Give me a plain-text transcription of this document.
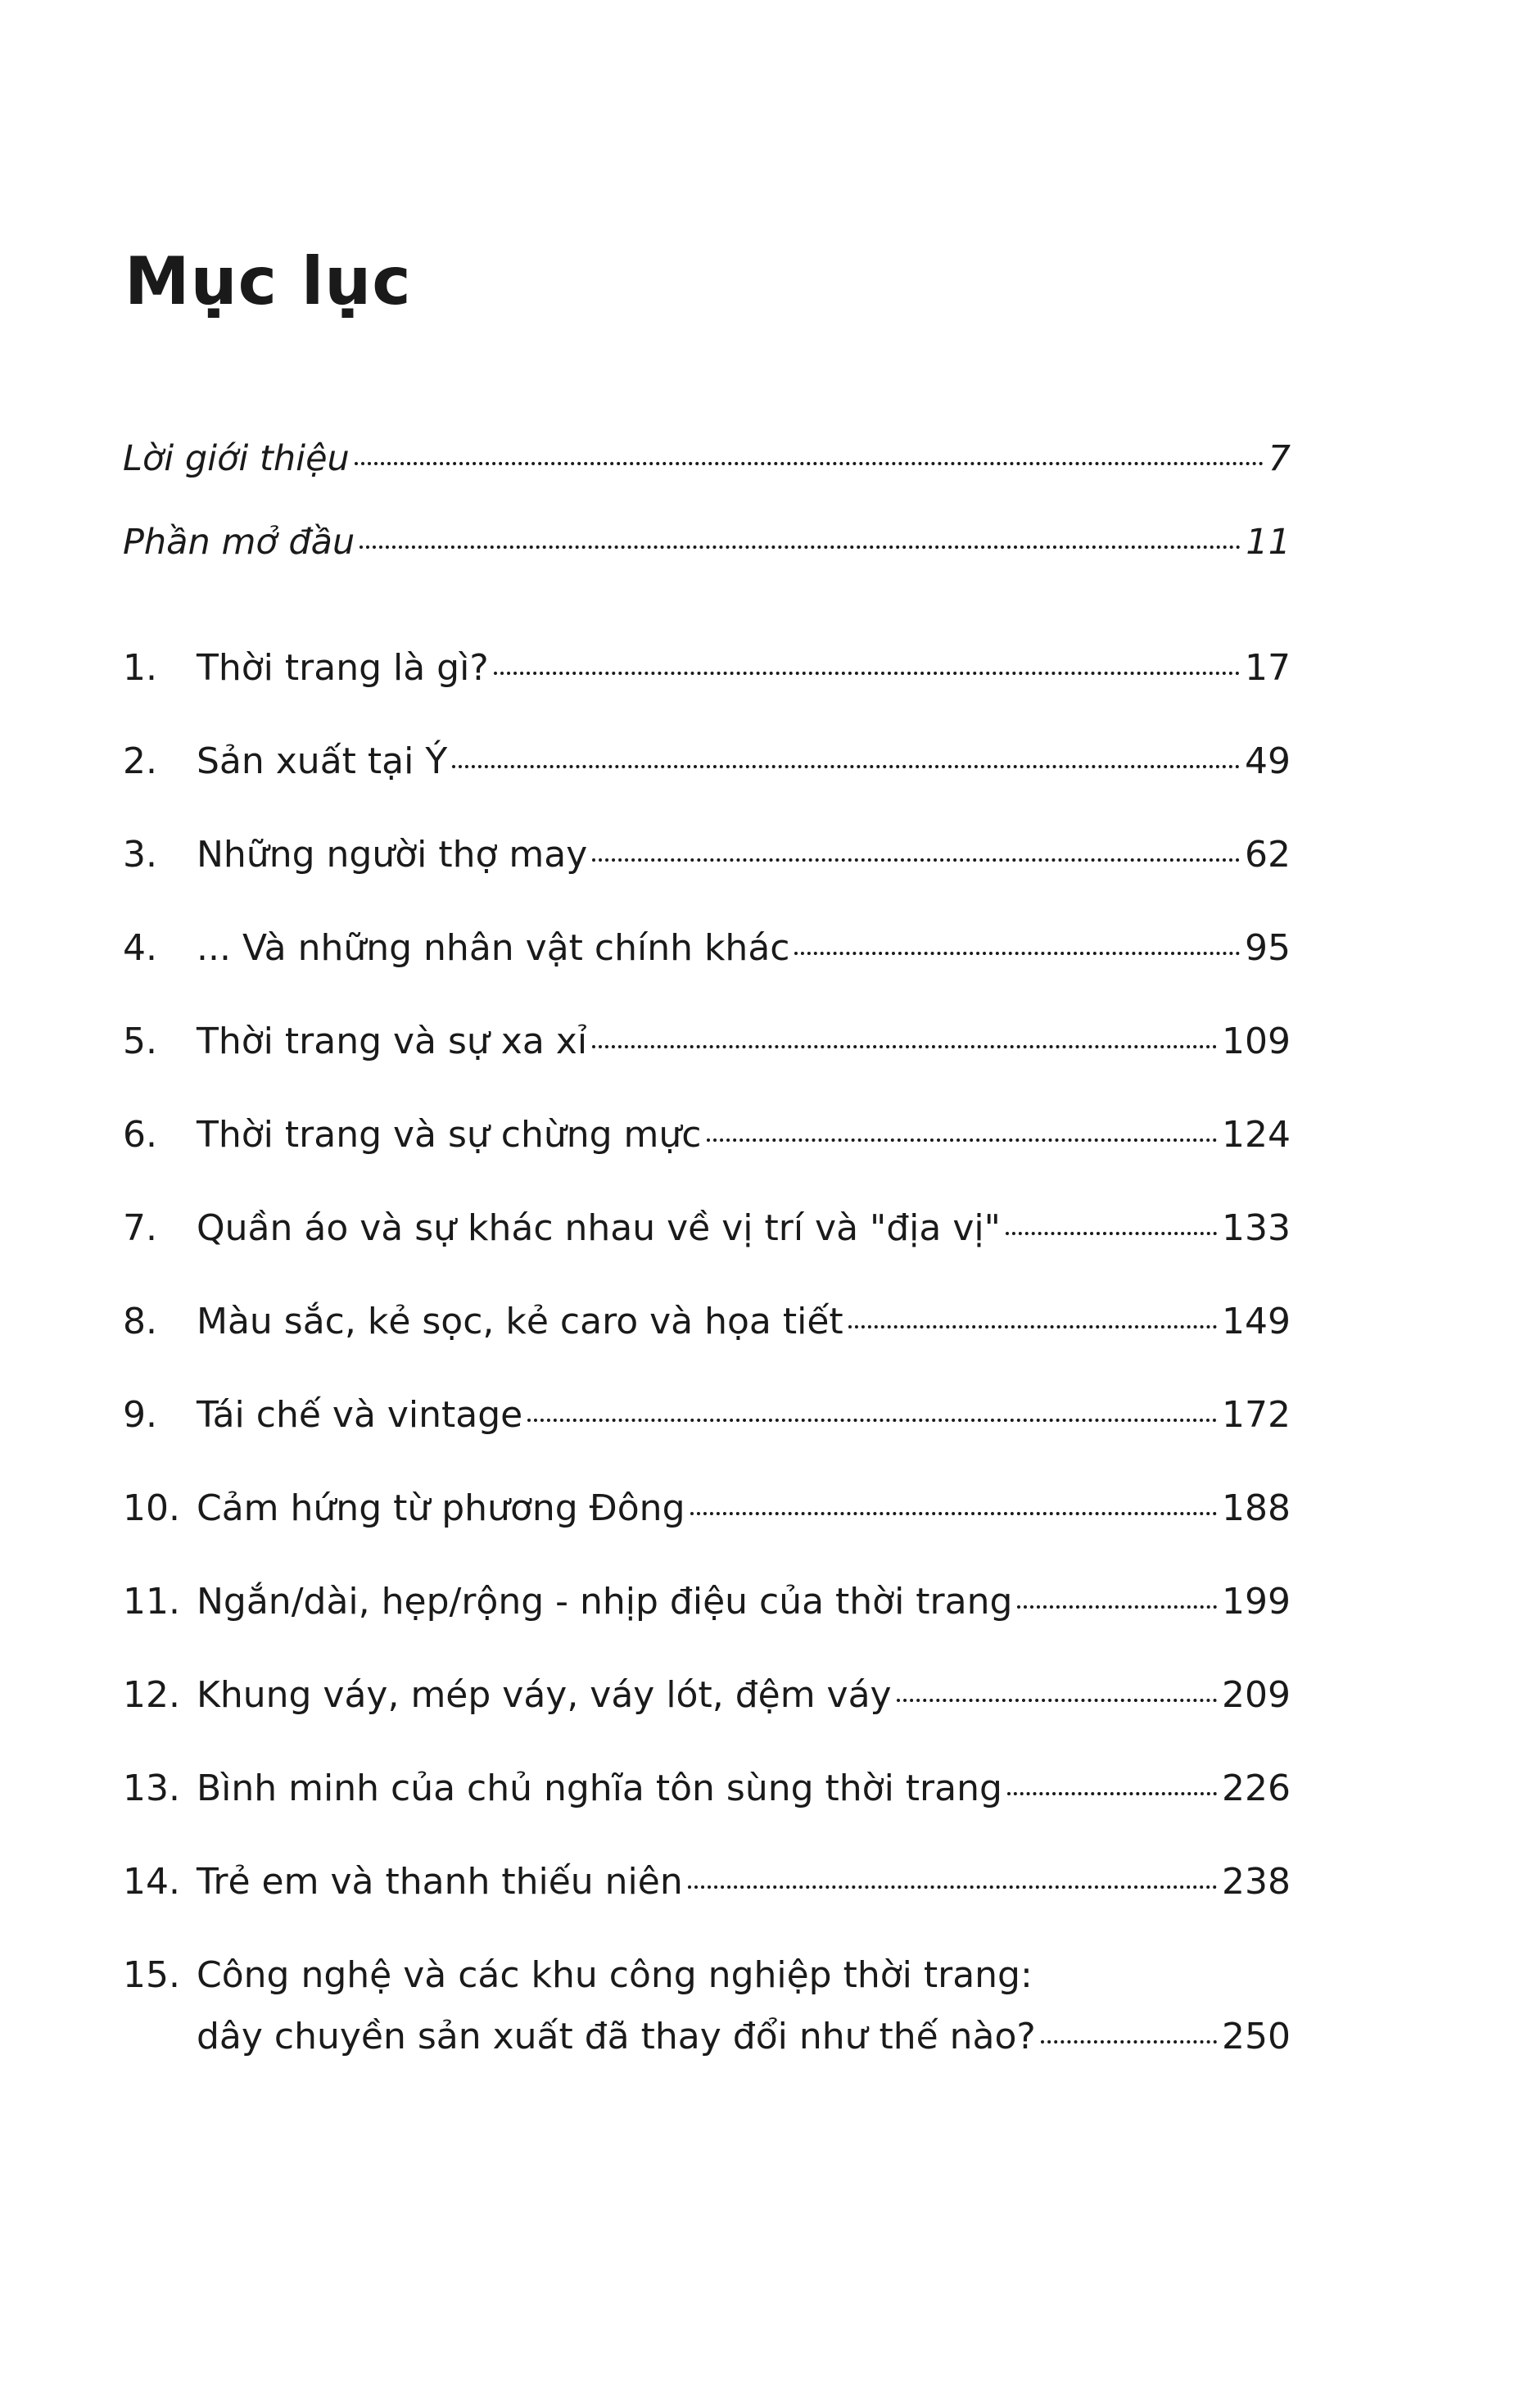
Mục lục
Lời giới thiệu	7
Phần mở đầu	11
1.	Thời trang là gì?	17
2.	Sản xuất tại Ý	49
3.	Những người thợ may	62
4.	... Và những nhân vật chính khác	95
5.	Thời trang và sự xa xỉ	109
6.	Thời trang và sự chừng mực	124
7.	Quần áo và sự khác nhau về vị trí và "địa vị"	133
8.	Màu sắc, kẻ sọc, kẻ caro và họa tiết	149
9.	Tái chế và vintage	172
10. Cảm hứng từ phương Đông	188
11. Ngắn/dài, hẹp/rộng - nhịp điệu của thời trang	199
12. Khung váy, mép váy, váy lót, đệm váy	209
13. Bình minh của chủ nghĩa tôn sùng thời trang	226
14. Trẻ em và thanh thiếu niên	238
15. Công nghệ và các khu công nghiệp thời trang:
dây chuyền sản xuất đã thay đổi như thế nào?	250
